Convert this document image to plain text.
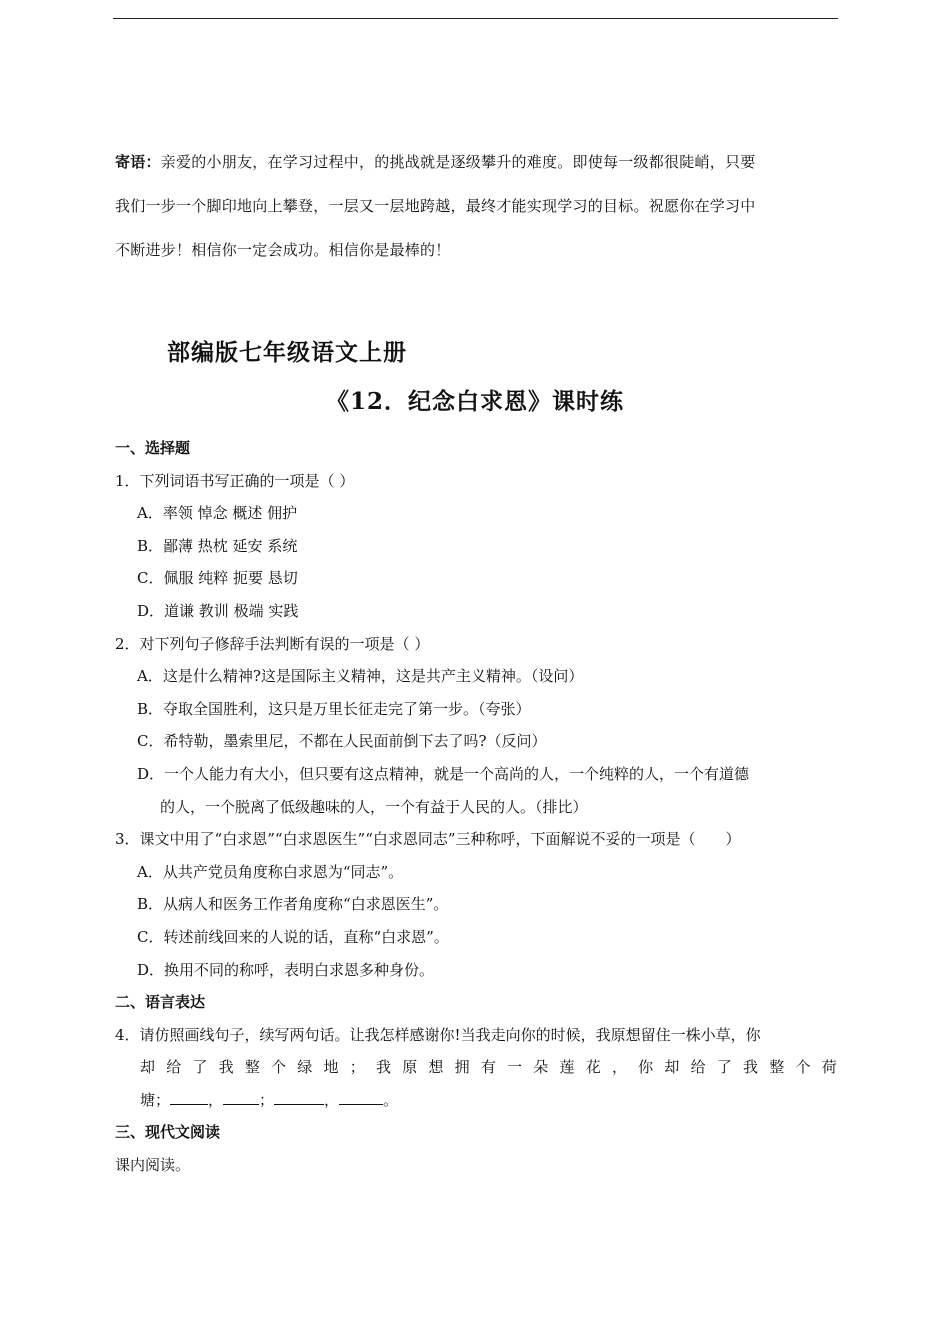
寄语：亲爱的小朋友，在学习过程中，的挑战就是逐级攀升的难度。即使每一级都很陡峭，只要
我们一步一个脚印地向上攀登，一层又一层地跨越，最终才能实现学习的目标。祝愿你在学习中
不断进步！相信你一定会成功。相信你是最棒的！
部编版七年级语文上册
《12．纪念白求恩》课时练
一、选择题
1．下列词语书写正确的一项是（ ）
A．率领 悼念 概述 佣护
B．鄙薄 热枕 延安 系统
C．佩服 纯粹 扼要 恳切
D．道谦 教训 极端 实践
2．对下列句子修辞手法判断有误的一项是（ ）
A．这是什么精神?这是国际主义精神，这是共产主义精神。（设问）
B．夺取全国胜利，这只是万里长征走完了第一步。（夸张）
C．希特勒，墨索里尼，不都在人民面前倒下去了吗?（反问）
D．一个人能力有大小，但只要有这点精神，就是一个高尚的人，一个纯粹的人，一个有道德
的人，一个脱离了低级趣味的人，一个有益于人民的人。（排比）
3．课文中用了“白求恩”“白求恩医生”“白求恩同志”三种称呼，下面解说不妥的一项是（　　）
A．从共产党员角度称白求恩为“同志”。
B．从病人和医务工作者角度称“白求恩医生”。
C．转述前线回来的人说的话，直称“白求恩”。
D．换用不同的称呼，表明白求恩多种身份。
二、语言表达
4．请仿照画线句子，续写两句话。让我怎样感谢你!当我走向你的时候，我原想留住一株小草，你
却 给 了 我 整 个 绿 地 ； 我 原 想 拥 有 一 朵 莲 花 ， 你 却 给 了 我 整 个 荷
塘；	， ；	，	。
三、现代文阅读
课内阅读。
